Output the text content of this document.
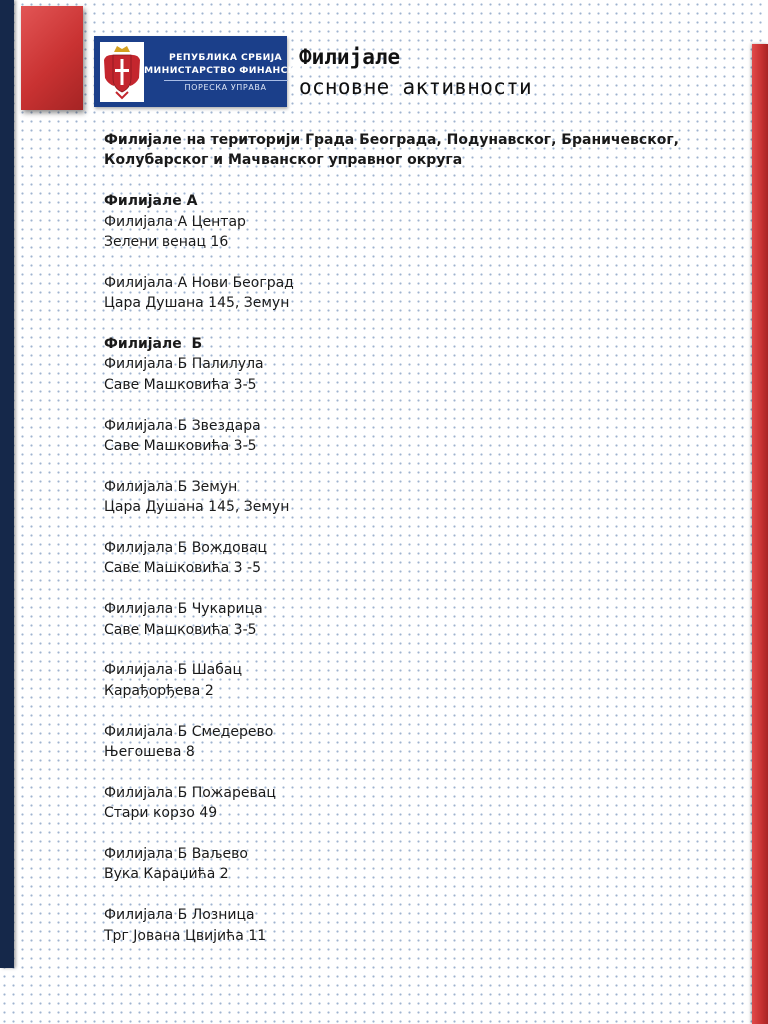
РЕПУБЛИКА СРБИЈА
МИНИСТАРСТВО ФИНАНСИЈА
ПОРЕСКА УПРАВА
Филијале
основне активности
Филијале на територији Града Београда, Подунавског, Браничевског,
Колубарског и Мачванског управног округа
Филијале А
Филијала А Центар
Зелени венац 16
Филијала А Нови Београд
Цара Душана 145, Земун
Филијале  Б
Филијала Б Палилула
Саве Машковића 3-5
Филијала Б Звездара
Саве Машковића 3-5
Филијала Б Земун
Цара Душана 145, Земун
Филијала Б Вождовац
Саве Машковића 3 -5
Филијала Б Чукарица
Саве Машковића 3-5
Филијала Б Шабац
Карађорђева 2
Филијала Б Смедерево
Његошева 8
Филијала Б Пожаревац
Стари корзо 49
Филијала Б Ваљево
Вука Караџића 2
Филијала Б Лозница
Трг Јована Цвијића 11
